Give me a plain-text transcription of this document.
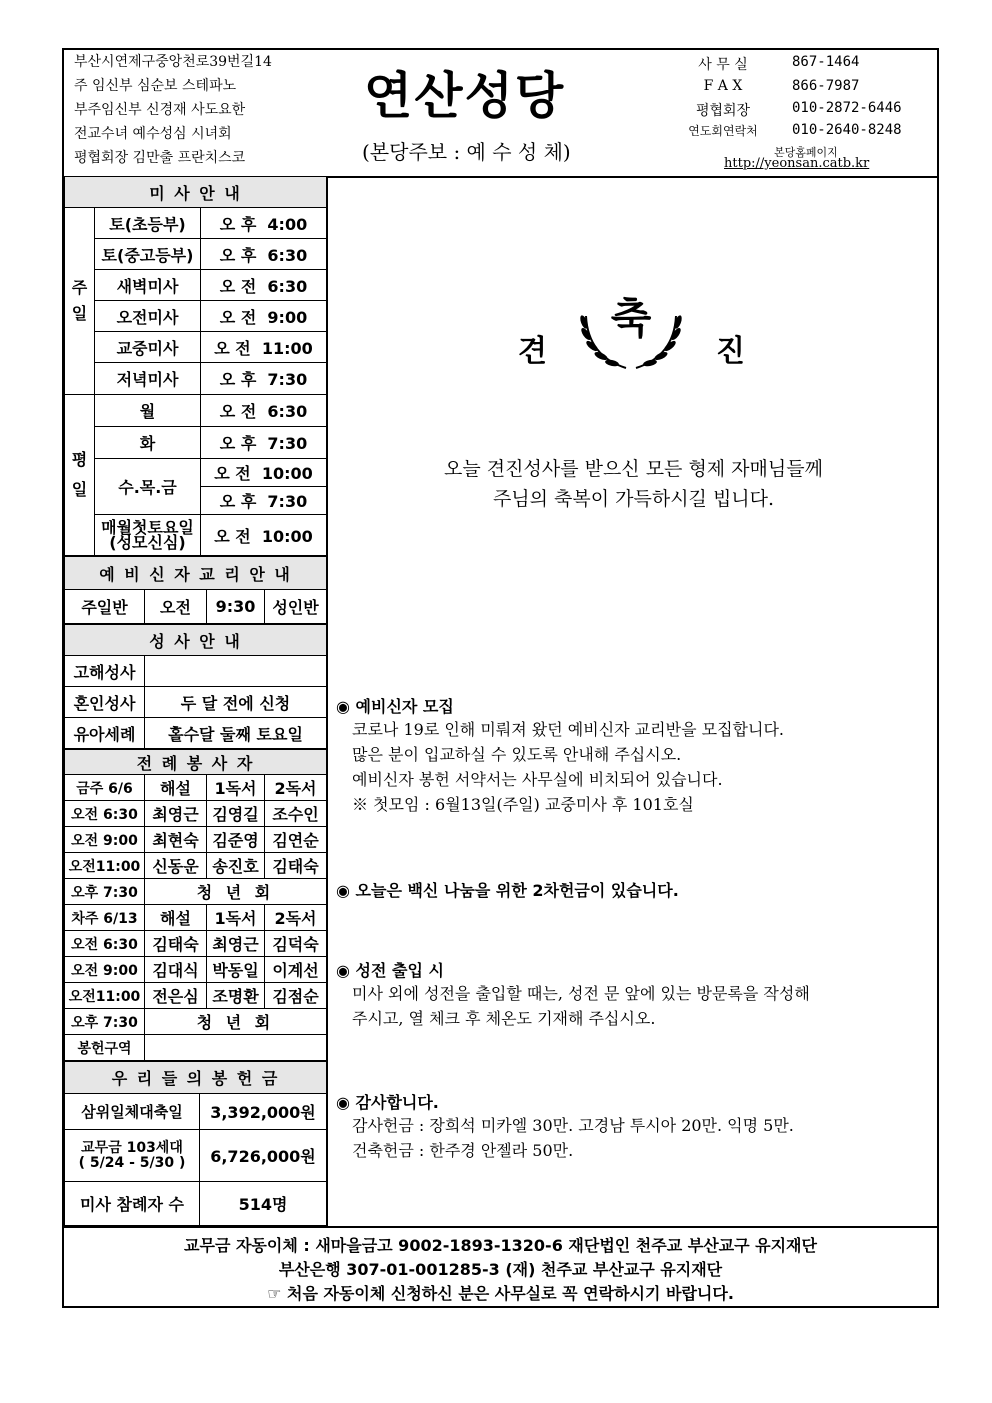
부산시연제구중앙천로39번길14
주 임신부 심순보 스테파노
부주임신부 신경재 사도요한
전교수녀 예수성심 시녀회
평협회장 김만출 프란치스코
연산성당
(본당주보 : 예 수 성 체)
사 무 실	867-1464
F A X	866-7987
평협회장	010-2872-6446
연도회연락처	010-2640-8248
본당홈페이지
http://yeonsan.catb.kr
미 사 안 내		
주일	토(초등부)	오 후 4:00
	토(중고등부)	오 후 6:30
	새벽미사	오 전 6:30
	오전미사	오 전 9:00
	교중미사	오 전 11:00
	저녁미사	오 후 7:30
평일	월	오 전 6:30
	화	오 후 7:30
	수.목.금	오 전 10:00
		오 후 7:30
	매월첫토요일
(성모신심)	오 전 10:00
예 비 신 자 교 리 안 내
주일반	오전	9:30	성인반
성 사 안 내	
고해성사	
혼인성사	두 달 전에 신청
유아세례	홀수달 둘째 토요일
전 례 봉 사 자			
금주 6/6	해설	1독서	2독서
오전 6:30	최영근	김영길	조수인
오전 9:00	최현숙	김준영	김연순
오전11:00	신동운	송진호	김태숙
오후 7:30	청 년 회		
차주 6/13	해설	1독서	2독서
오전 6:30	김태숙	최영근	김덕숙
오전 9:00	김대식	박동일	이계선
오전11:00	전은심	조명환	김점순
오후 7:30	청 년 회		
봉헌구역			
우 리 들 의 봉 헌 금	
삼위일체대축일	3,392,000원
교무금 103세대
( 5/24 - 5/30 )	6,726,000원
미사 참례자 수	514명
견
축
진
오늘 견진성사를 받으신 모든 형제 자매님들께
주님의 축복이 가득하시길 빕니다.
◉ 예비신자 모집
코로나 19로 인해 미뤄져 왔던 예비신자 교리반을 모집합니다.
많은 분이 입교하실 수 있도록 안내해 주십시오.
예비신자 봉헌 서약서는 사무실에 비치되어 있습니다.
※ 첫모임 : 6월13일(주일) 교중미사 후 101호실
◉ 오늘은 백신 나눔을 위한 2차헌금이 있습니다.
◉ 성전 출입 시
미사 외에 성전을 출입할 때는, 성전 문 앞에 있는 방문록을 작성해
주시고, 열 체크 후 체온도 기재해 주십시오.
◉ 감사합니다.
감사헌금 : 장희석 미카엘 30만. 고경남 투시아 20만. 익명 5만.
건축헌금 : 한주경 안젤라 50만.
교무금 자동이체 : 새마을금고 9002-1893-1320-6 재단법인 천주교 부산교구 유지재단
부산은행 307-01-001285-3 (재) 천주교 부산교구 유지재단
☞ 처음 자동이체 신청하신 분은 사무실로 꼭 연락하시기 바랍니다.
